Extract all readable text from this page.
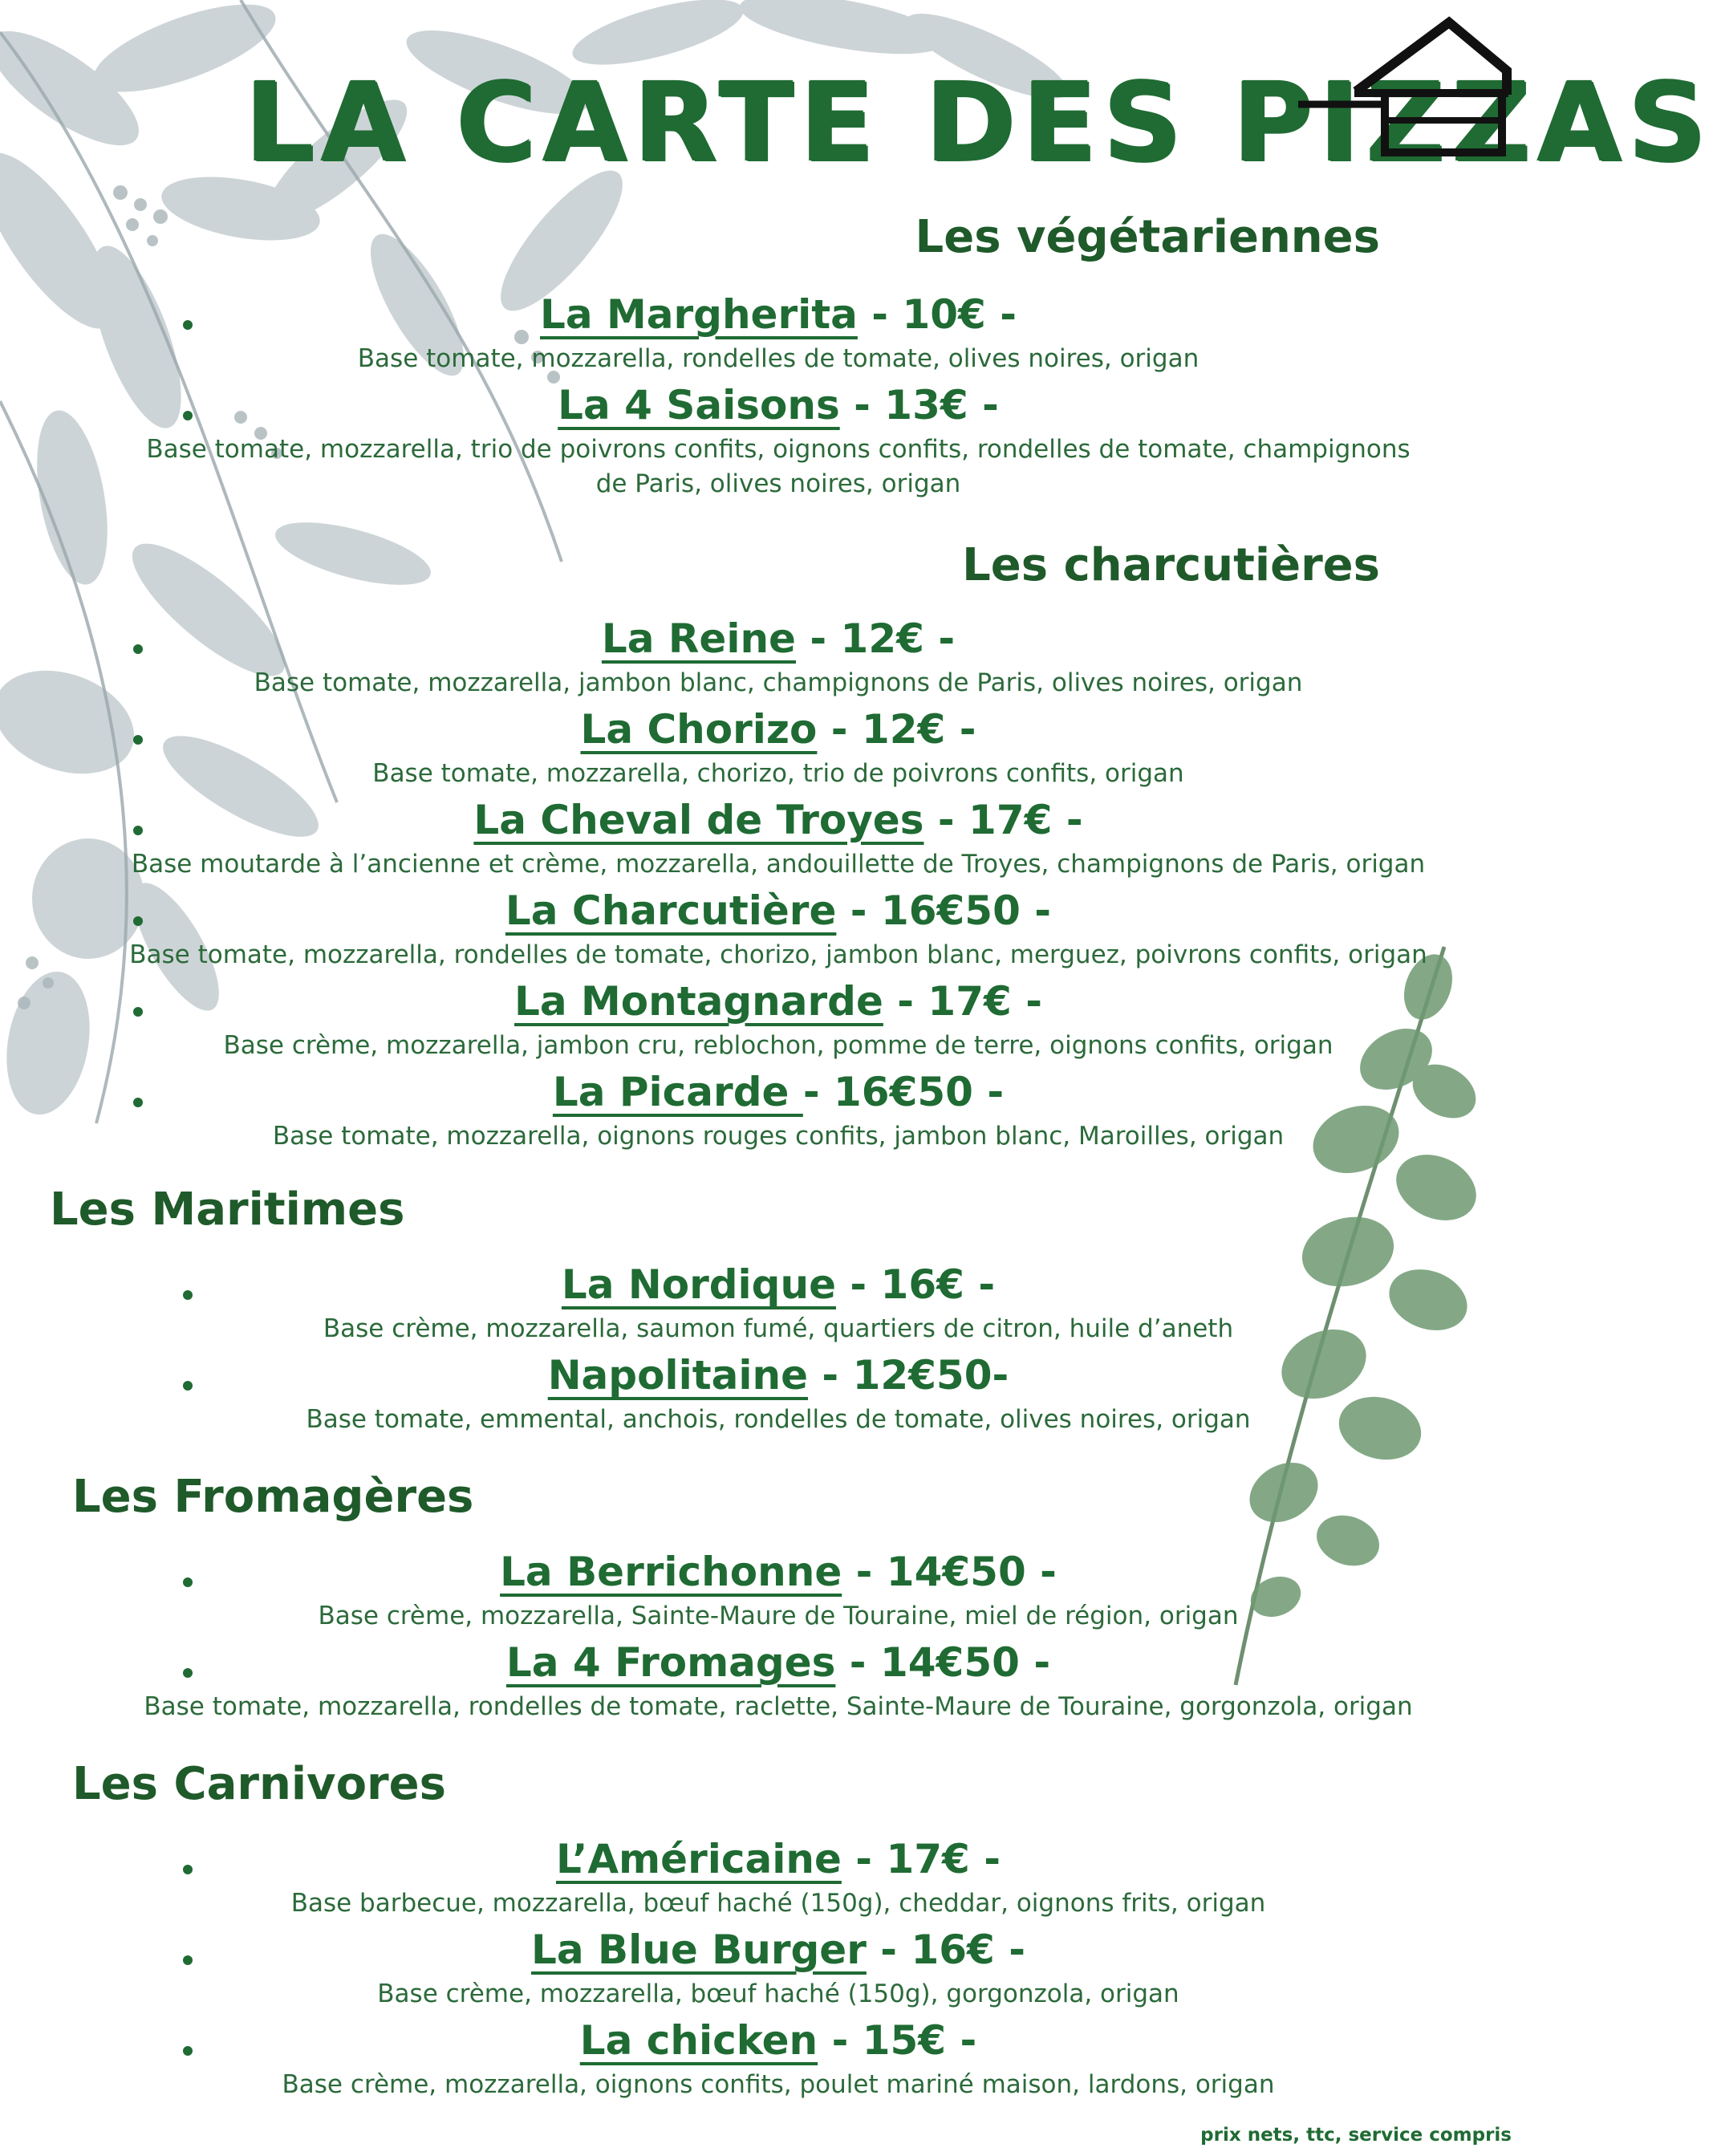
LA CARTE DES PIZZAS
Les végétariennes
La Margherita - 10€ -
Base tomate, mozzarella, rondelles de tomate, olives noires, origan
La 4 Saisons - 13€ -
Base tomate, mozzarella, trio de poivrons confits, oignons confits, rondelles de tomate, champignons de Paris, olives noires, origan
Les charcutières
La Reine - 12€ -
Base tomate, mozzarella, jambon blanc, champignons de Paris, olives noires, origan
La Chorizo - 12€ -
Base tomate, mozzarella, chorizo, trio de poivrons confits, origan
La Cheval de Troyes - 17€ -
Base moutarde à l’ancienne et crème, mozzarella, andouillette de Troyes, champignons de Paris, origan
La Charcutière - 16€50 -
Base tomate, mozzarella, rondelles de tomate, chorizo, jambon blanc, merguez, poivrons confits, origan
La Montagnarde - 17€ -
Base crème, mozzarella, jambon cru, reblochon, pomme de terre, oignons confits, origan
La Picarde - 16€50 -
Base tomate, mozzarella, oignons rouges confits, jambon blanc, Maroilles, origan
Les Maritimes
La Nordique - 16€ -
Base crème, mozzarella, saumon fumé, quartiers de citron, huile d’aneth
Napolitaine - 12€50-
Base tomate, emmental, anchois, rondelles de tomate, olives noires, origan
Les Fromagères
La Berrichonne - 14€50 -
Base crème, mozzarella, Sainte-Maure de Touraine, miel de région, origan
La 4 Fromages - 14€50 -
Base tomate, mozzarella, rondelles de tomate, raclette, Sainte-Maure de Touraine, gorgonzola, origan
Les Carnivores
L’Américaine - 17€ -
Base barbecue, mozzarella, bœuf haché (150g), cheddar, oignons frits, origan
La Blue Burger - 16€ -
Base crème, mozzarella, bœuf haché (150g), gorgonzola, origan
La chicken - 15€ -
Base crème, mozzarella, oignons confits, poulet mariné maison, lardons, origan
prix nets, ttc, service compris
